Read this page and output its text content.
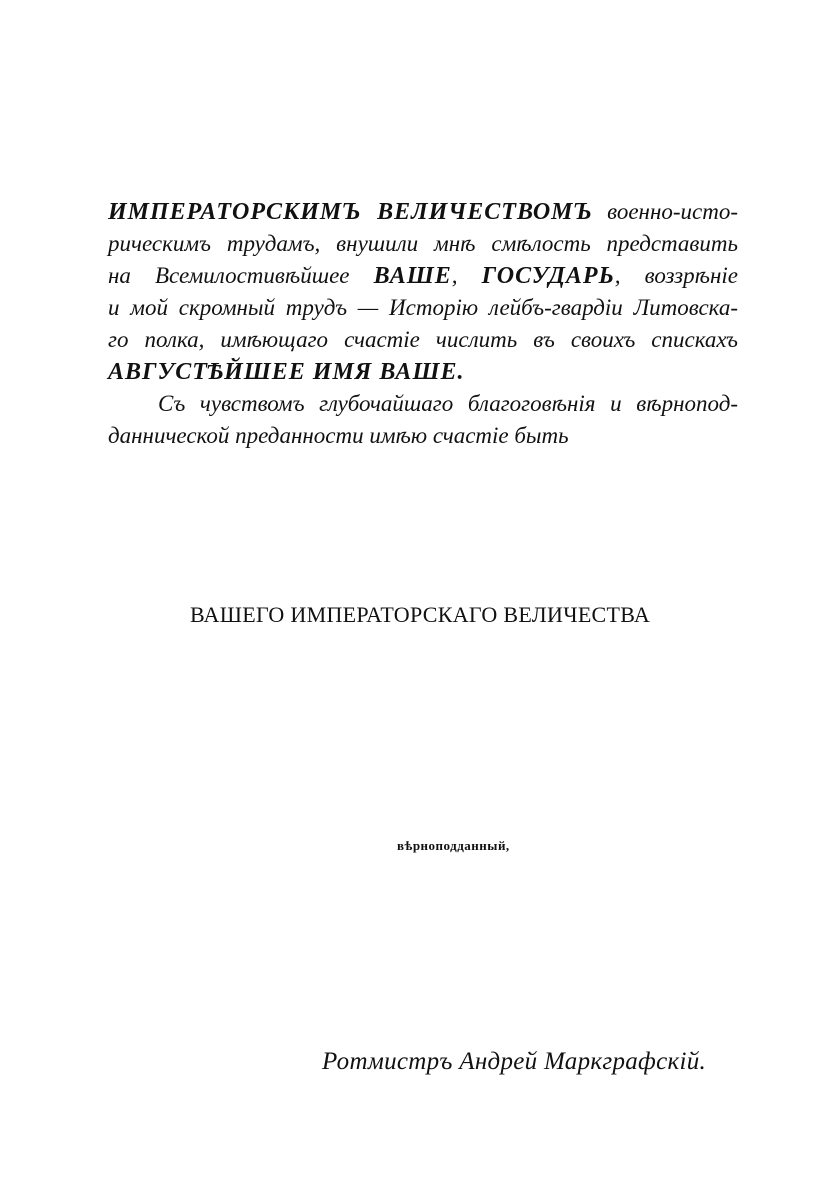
ИМПЕРАТОРСКИМЪ ВЕЛИЧЕСТВОМЪ военно-исто-
рическимъ трудамъ, внушили мнѣ смѣлость представить
на Всемилостивѣйшее ВАШЕ, ГОСУДАРЬ, воззрѣніе
и мой скромный трудъ — Исторію лейбъ-гвардіи Литовска-
го полка, имѣющаго счастіе числить въ своихъ спискахъ
АВГУСТѢЙШЕЕ ИМЯ ВАШЕ.
Съ чувствомъ глубочайшаго благоговѣнія и вѣрнопод-
даннической преданности имѣю счастіе быть
ВАШЕГО ИМПЕРАТОРСКАГО ВЕЛИЧЕСТВА
вѣрноподданный,
Ротмистръ Андрей Маркграфскій.
